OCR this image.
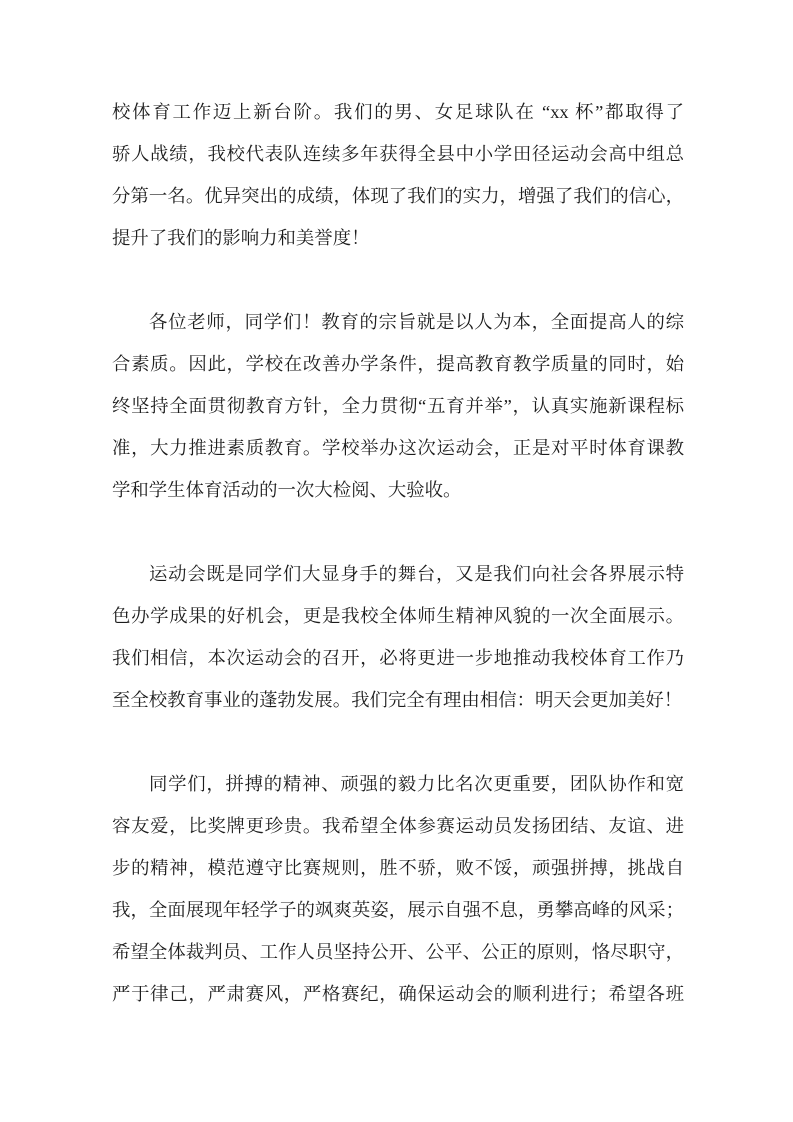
校体育工作迈上新台阶。我们的男、女足球队在 “xx 杯”都取得了
骄人战绩，我校代表队连续多年获得全县中小学田径运动会高中组总
分第一名。优异突出的成绩，体现了我们的实力，增强了我们的信心，
提升了我们的影响力和美誉度！
各位老师，同学们！教育的宗旨就是以人为本，全面提高人的综
合素质。因此，学校在改善办学条件，提高教育教学质量的同时，始
终坚持全面贯彻教育方针，全力贯彻“五育并举”，认真实施新课程标
准，大力推进素质教育。学校举办这次运动会，正是对平时体育课教
学和学生体育活动的一次大检阅、大验收。
运动会既是同学们大显身手的舞台，又是我们向社会各界展示特
色办学成果的好机会，更是我校全体师生精神风貌的一次全面展示。
我们相信，本次运动会的召开，必将更进一步地推动我校体育工作乃
至全校教育事业的蓬勃发展。我们完全有理由相信：明天会更加美好！
同学们，拼搏的精神、顽强的毅力比名次更重要，团队协作和宽
容友爱，比奖牌更珍贵。我希望全体参赛运动员发扬团结、友谊、进
步的精神，模范遵守比赛规则，胜不骄，败不馁，顽强拼搏，挑战自
我，全面展现年轻学子的飒爽英姿，展示自强不息，勇攀高峰的风采；
希望全体裁判员、工作人员坚持公开、公平、公正的原则，恪尽职守，
严于律己，严肃赛风，严格赛纪，确保运动会的顺利进行；希望各班
